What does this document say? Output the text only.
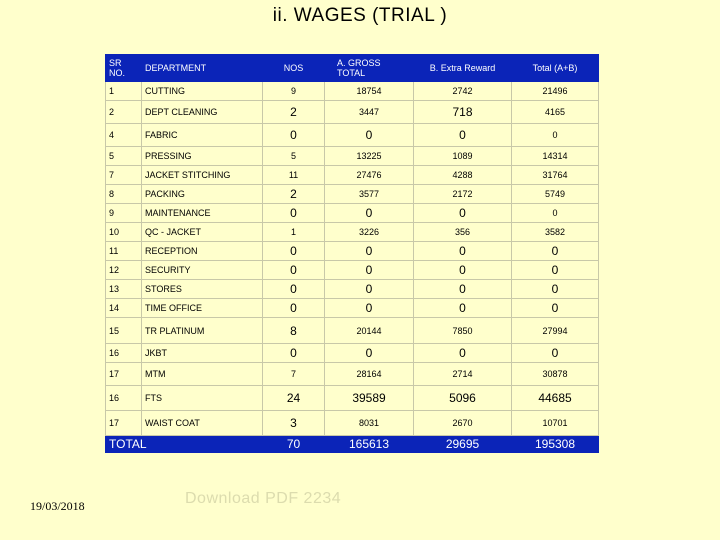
ii. WAGES (TRIAL )
SR NO.	DEPARTMENT	NOS	A. GROSS TOTAL	B. Extra Reward	Total (A+B)
1	CUTTING	9	18754	2742	21496
2	DEPT CLEANING	2	3447	718	4165
4	FABRIC	0	0	0	0
5	PRESSING	5	13225	1089	14314
7	JACKET STITCHING	11	27476	4288	31764
8	PACKING	2	3577	2172	5749
9	MAINTENANCE	0	0	0	0
10	QC - JACKET	1	3226	356	3582
11	RECEPTION	0	0	0	0
12	SECURITY	0	0	0	0
13	STORES	0	0	0	0
14	TIME OFFICE	0	0	0	0
15	TR PLATINUM	8	20144	7850	27994
16	JKBT	0	0	0	0
17	MTM	7	28164	2714	30878
16	FTS	24	39589	5096	44685
17	WAIST COAT	3	8031	2670	10701
TOTAL		70	165613	29695	195308
19/03/2018	Download PDF 2234
